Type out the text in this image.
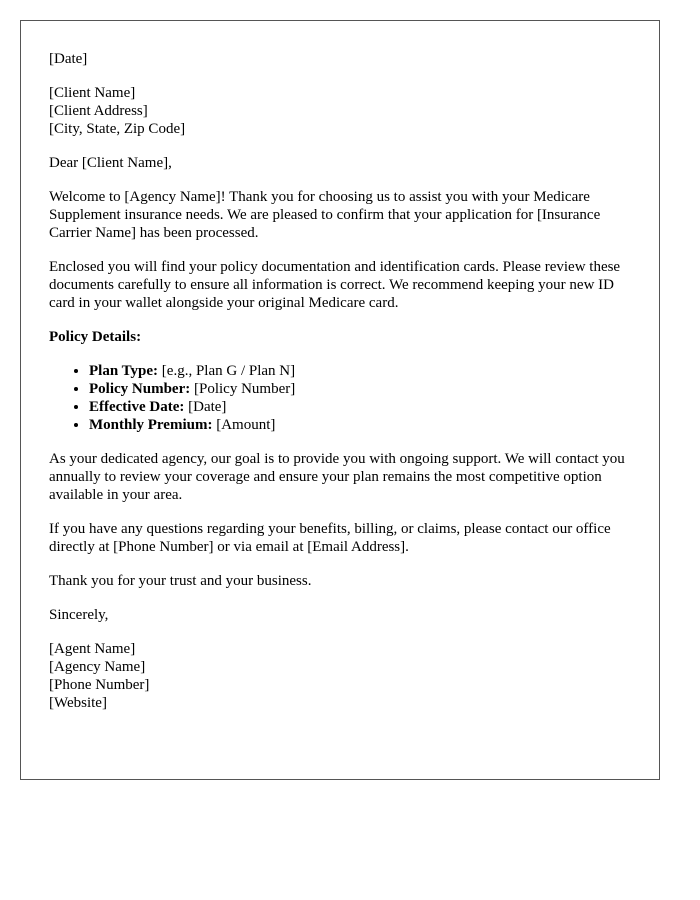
[Date]

[Client Name]
[Client Address]
[City, State, Zip Code]

Dear [Client Name],

Welcome to [Agency Name]! Thank you for choosing us to assist you with your Medicare Supplement insurance needs. We are pleased to confirm that your application for [Insurance Carrier Name] has been processed.

Enclosed you will find your policy documentation and identification cards. Please review these documents carefully to ensure all information is correct. We recommend keeping your new ID card in your wallet alongside your original Medicare card.

Policy Details:

• Plan Type: [e.g., Plan G / Plan N]
• Policy Number: [Policy Number]
• Effective Date: [Date]
• Monthly Premium: [Amount]

As your dedicated agency, our goal is to provide you with ongoing support. We will contact you annually to review your coverage and ensure your plan remains the most competitive option available in your area.

If you have any questions regarding your benefits, billing, or claims, please contact our office directly at [Phone Number] or via email at [Email Address].

Thank you for your trust and your business.

Sincerely,

[Agent Name]
[Agency Name]
[Phone Number]
[Website]
